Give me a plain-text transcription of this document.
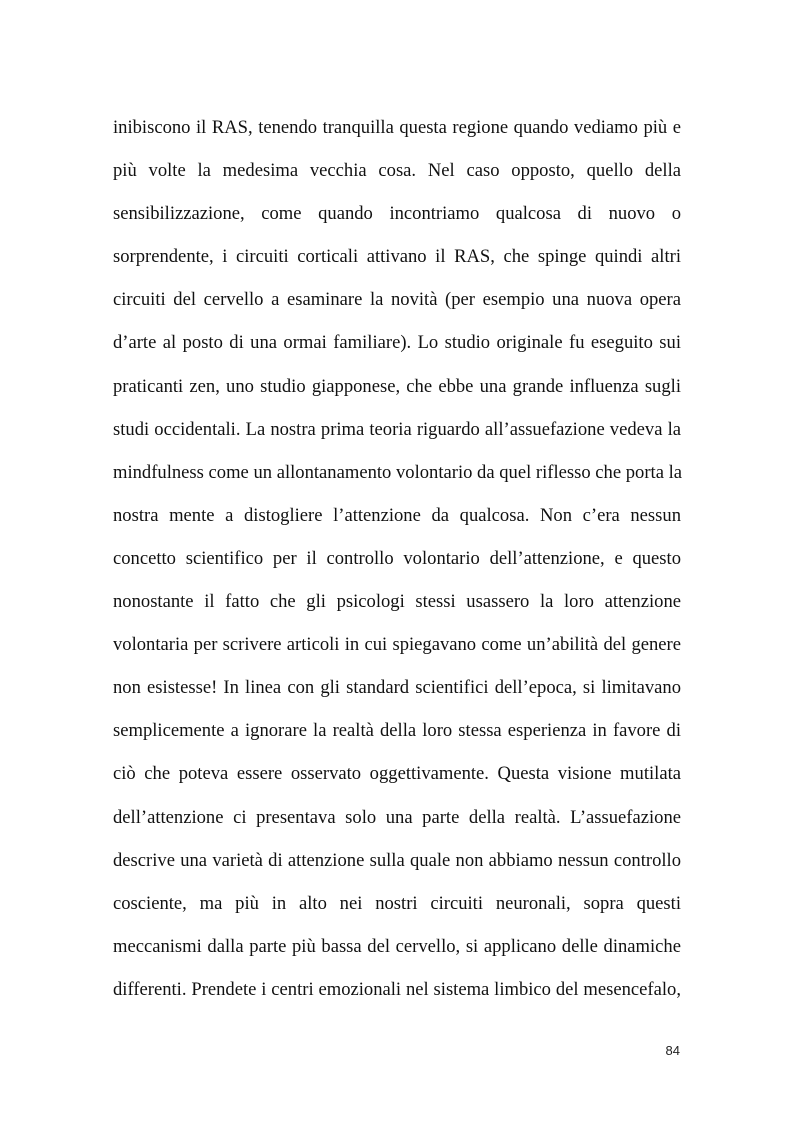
inibiscono il RAS, tenendo tranquilla questa regione quando vediamo più e
più volte la medesima vecchia cosa. Nel caso opposto, quello della
sensibilizzazione, come quando incontriamo qualcosa di nuovo o
sorprendente, i circuiti corticali attivano il RAS, che spinge quindi altri
circuiti del cervello a esaminare la novità (per esempio una nuova opera
d’arte al posto di una ormai familiare). Lo studio originale fu eseguito sui
praticanti zen, uno studio giapponese, che ebbe una grande influenza sugli
studi occidentali. La nostra prima teoria riguardo all’assuefazione vedeva la
mindfulness come un allontanamento volontario da quel riflesso che porta la
nostra mente a distogliere l’attenzione da qualcosa. Non c’era nessun
concetto scientifico per il controllo volontario dell’attenzione, e questo
nonostante il fatto che gli psicologi stessi usassero la loro attenzione
volontaria per scrivere articoli in cui spiegavano come un’abilità del genere
non esistesse! In linea con gli standard scientifici dell’epoca, si limitavano
semplicemente a ignorare la realtà della loro stessa esperienza in favore di
ciò che poteva essere osservato oggettivamente. Questa visione mutilata
dell’attenzione ci presentava solo una parte della realtà. L’assuefazione
descrive una varietà di attenzione sulla quale non abbiamo nessun controllo
cosciente, ma più in alto nei nostri circuiti neuronali, sopra questi
meccanismi dalla parte più bassa del cervello, si applicano delle dinamiche
differenti. Prendete i centri emozionali nel sistema limbico del mesencefalo,
84
